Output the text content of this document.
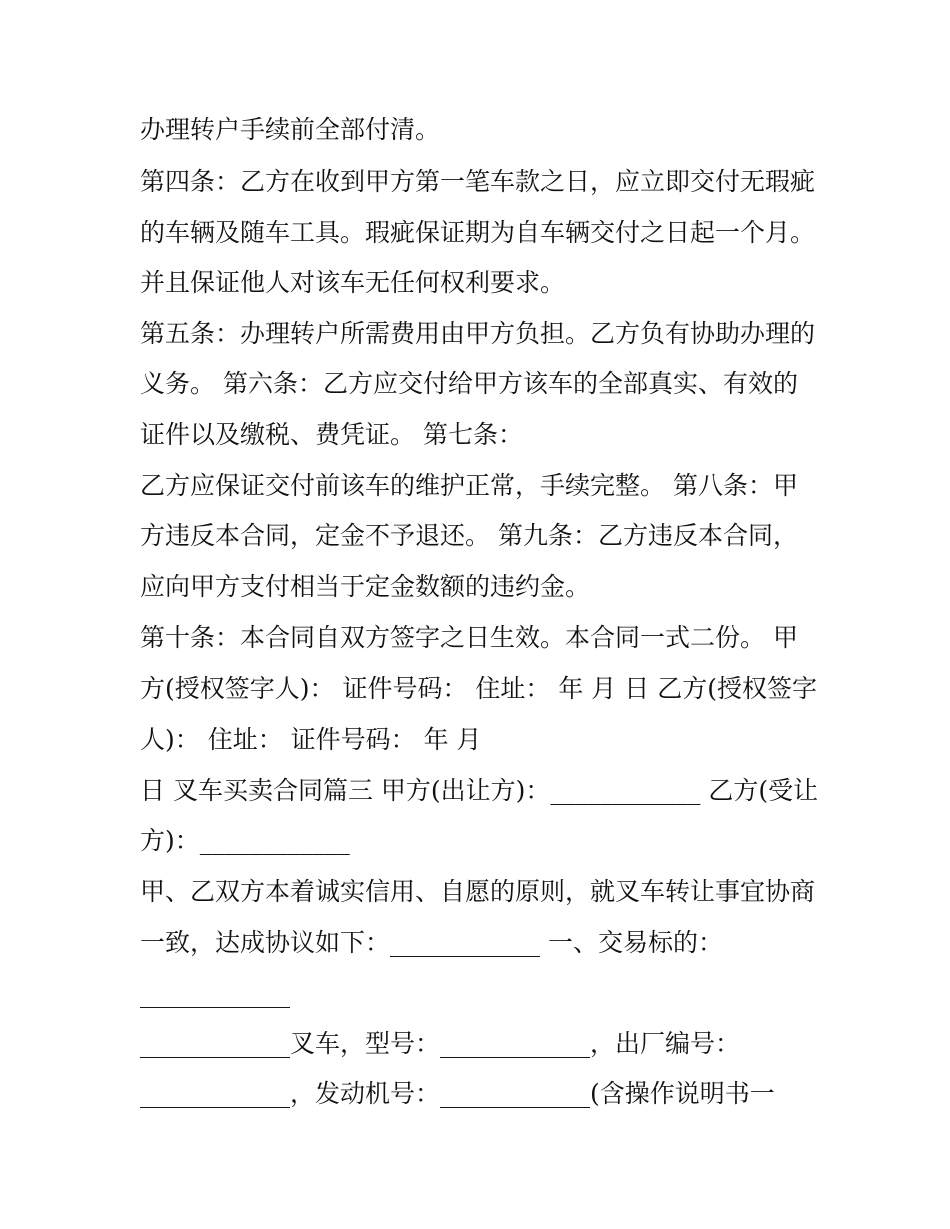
办理转户手续前全部付清。

第四条：乙方在收到甲方第一笔车款之日，应立即交付无瑕疵

的车辆及随车工具。瑕疵保证期为自车辆交付之日起一个月。

并且保证他人对该车无任何权利要求。

第五条：办理转户所需费用由甲方负担。乙方负有协助办理的

义务。 第六条：乙方应交付给甲方该车的全部真实、有效的

证件以及缴税、费凭证。 第七条：

乙方应保证交付前该车的维护正常，手续完整。 第八条：甲

方违反本合同，定金不予退还。 第九条：乙方违反本合同，

应向甲方支付相当于定金数额的违约金。

第十条：本合同自双方签字之日生效。本合同一式二份。 甲

方(授权签字人)： 证件号码： 住址： 年 月 日 乙方(授权签字

人)： 住址： 证件号码： 年 月

日 叉车买卖合同篇三 甲方(出让方)：____________ 乙方(受让

方)：____________

甲、乙双方本着诚实信用、自愿的原则，就叉车转让事宜协商

一致，达成协议如下：____________ 一、交易标的：

____________

____________叉车，型号：____________，出厂编号：

____________，发动机号：____________(含操作说明书一
